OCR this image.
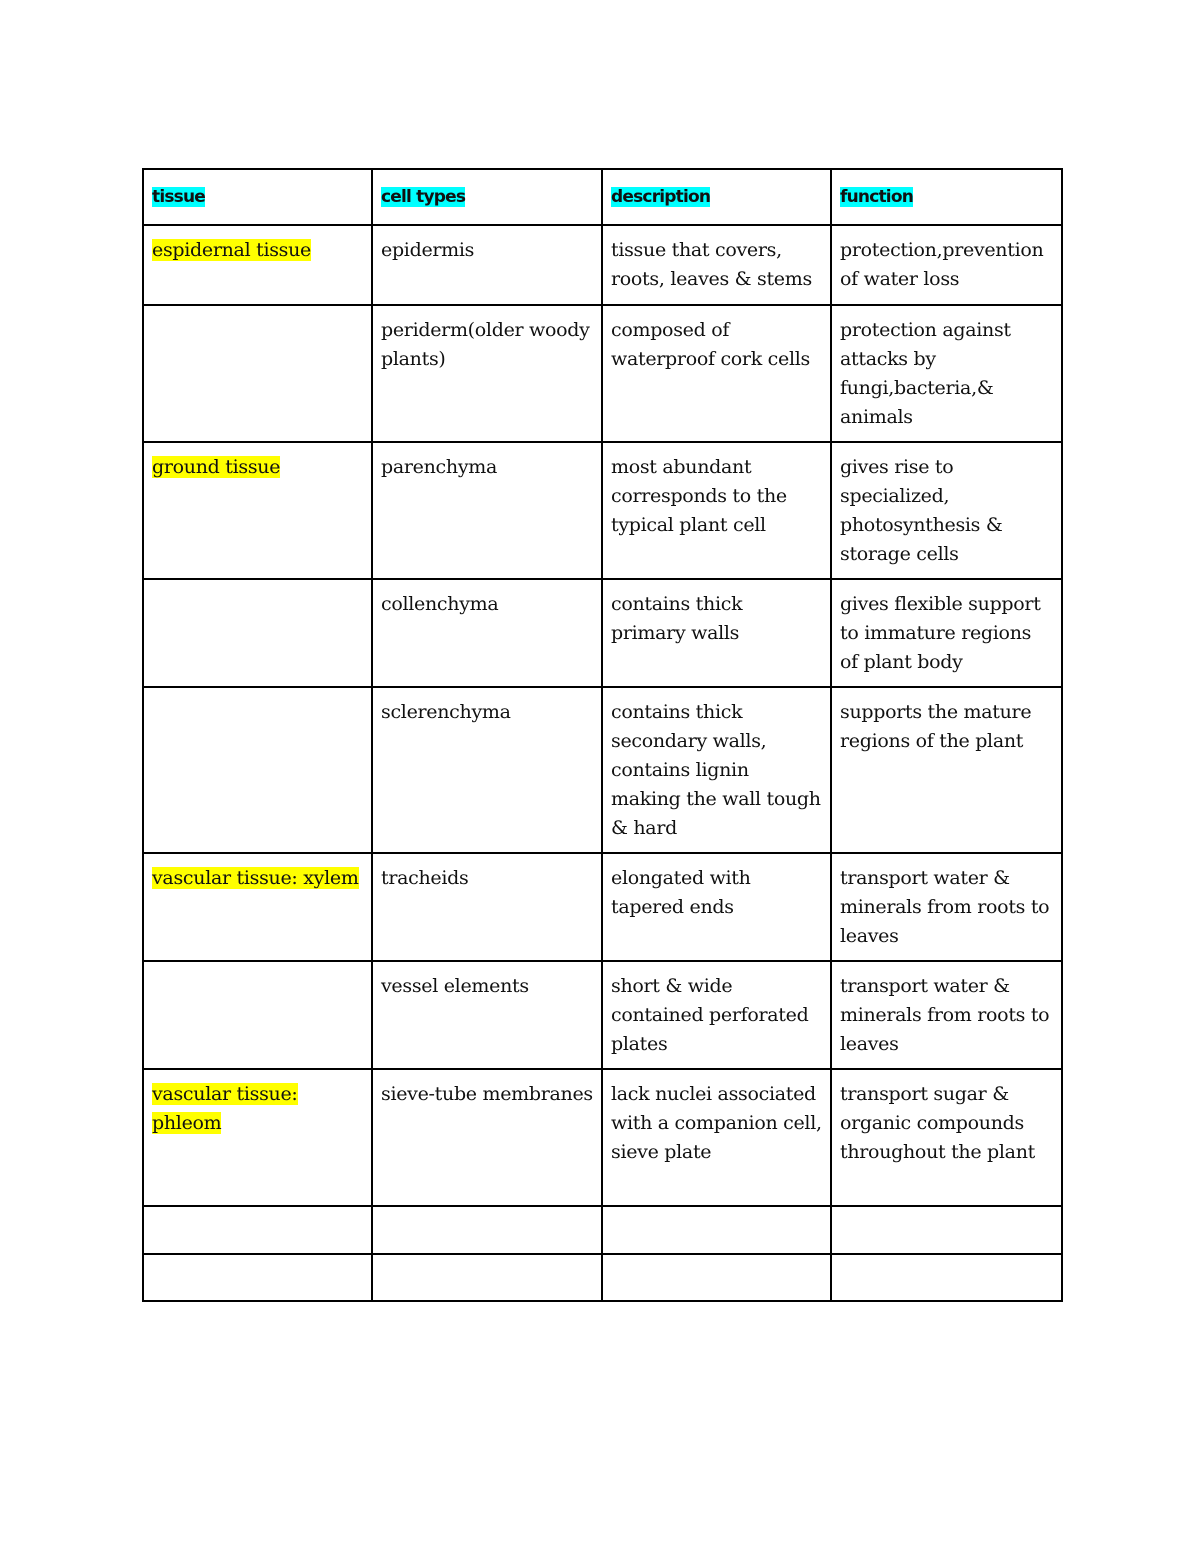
tissue	cell types	description	function
espidernal tissue	epidermis	tissue that covers, roots, leaves & stems	protection,prevention of water loss
	periderm(older woody plants)	composed of waterproof cork cells	protection against attacks by fungi,bacteria,& animals
ground tissue	parenchyma	most abundant corresponds to the typical plant cell	gives rise to specialized, photosynthesis & storage cells
	collenchyma	contains thick primary walls	gives flexible support to immature regions of plant body
	sclerenchyma	contains thick secondary walls, contains lignin making the wall tough & hard	supports the mature regions of the plant
vascular tissue: xylem	tracheids	elongated with tapered ends	transport water & minerals from roots to leaves
	vessel elements	short & wide contained perforated plates	transport water & minerals from roots to leaves
vascular tissue: phleom	sieve-tube membranes	lack nuclei associated with a companion cell, sieve plate	transport sugar & organic compounds throughout the plant
